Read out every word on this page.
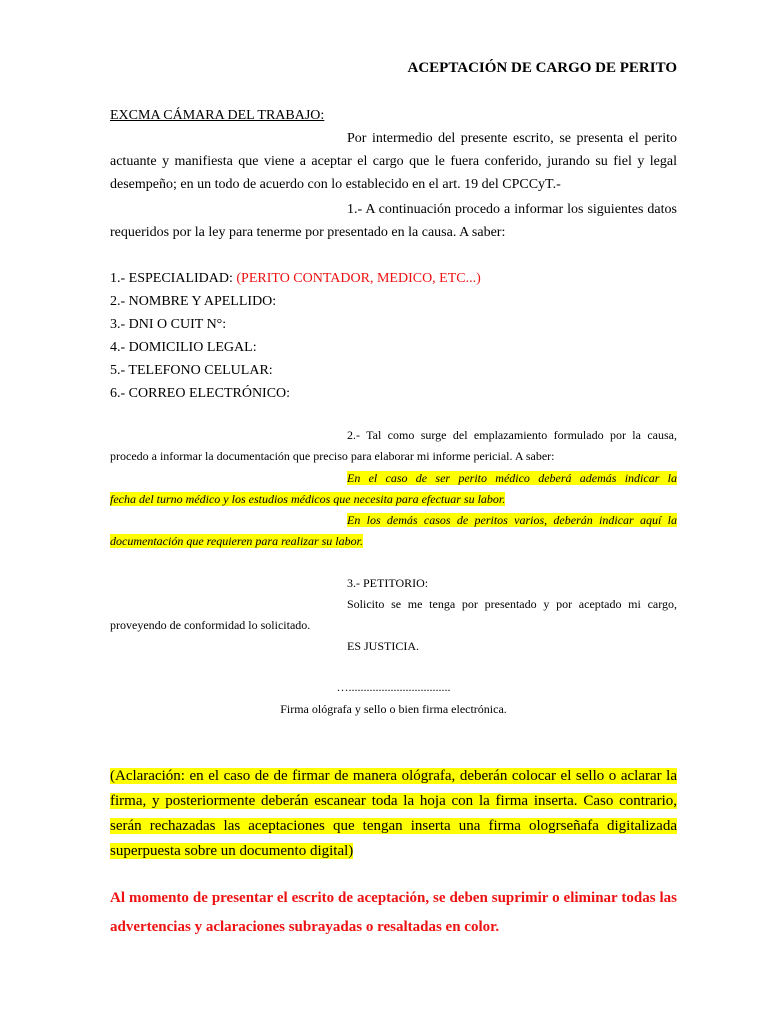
ACEPTACIÓN DE CARGO DE PERITO
EXCMA CÁMARA DEL TRABAJO:

Por intermedio del presente escrito, se presenta el perito actuante y manifiesta que viene a aceptar el cargo que le fuera conferido, jurando su fiel y legal desempeño; en un todo de acuerdo con lo establecido en el art. 19 del CPCCyT.-

1.- A continuación procedo a informar los siguientes datos requeridos por la ley para tenerme por presentado en la causa. A saber:

1.- ESPECIALIDAD: (PERITO CONTADOR, MEDICO, ETC...)
2.- NOMBRE Y APELLIDO:
3.- DNI O CUIT N°:
4.- DOMICILIO LEGAL:
5.- TELEFONO CELULAR:
6.- CORREO ELECTRÓNICO:

2.- Tal como surge del emplazamiento formulado por la causa, procedo a informar la documentación que preciso para elaborar mi informe pericial. A saber:

En el caso de ser perito médico deberá además indicar la
fecha del turno médico y los estudios médicos que necesita para efectuar su labor.
En los demás casos de peritos varios, deberán indicar aquí la
documentación que requieren para realizar su labor.
3.- PETITORIO:

Solicito se me tenga por presentado y por aceptado mi cargo, proveyendo de conformidad lo solicitado.

ES JUSTICIA.
…..................................
Firma ológrafa y sello o bien firma electrónica.
(Aclaración: en el caso de de firmar de manera ológrafa, deberán colocar el sello o aclarar la firma, y posteriormente deberán escanear toda la hoja con la firma inserta. Caso contrario, serán rechazadas las aceptaciones que tengan inserta una firma ologrseñafa digitalizada superpuesta sobre un documento digital)
Al momento de presentar el escrito de aceptación, se deben suprimir o eliminar todas las advertencias y aclaraciones subrayadas o resaltadas en color.
